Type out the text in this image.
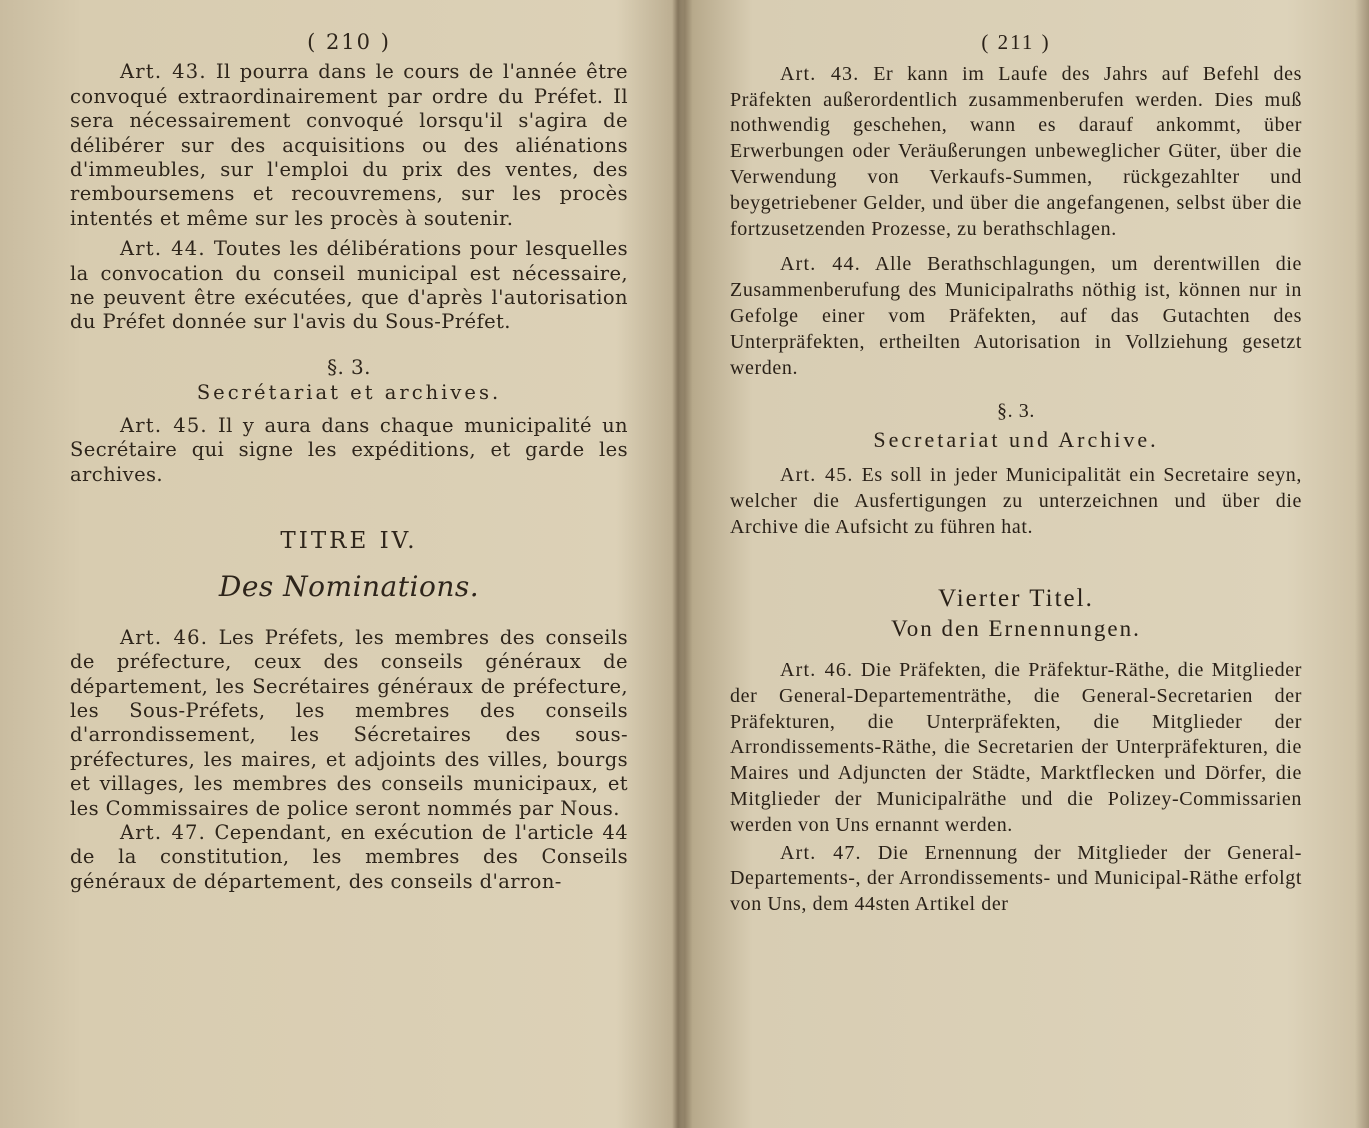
( 210 )

Art. 43. Il pourra dans le cours de l'année être convoqué extraordinairement par ordre du Préfet. Il sera nécessairement convoqué lorsqu'il s'agira de délibérer sur des acquisitions ou des aliénations d'immeubles, sur l'emploi du prix des ventes, des remboursemens et recouvremens, sur les procès intentés et même sur les procès à soutenir.

Art. 44. Toutes les délibérations pour lesquelles la convocation du conseil municipal est nécessaire, ne peuvent être exécutées, que d'après l'autorisation du Préfet donnée sur l'avis du Sous-Préfet.

§. 3.

Secrétariat et archives.

Art. 45. Il y aura dans chaque municipalité un Secrétaire qui signe les expéditions, et garde les archives.

TITRE IV.

Des Nominations.

Art. 46. Les Préfets, les membres des conseils de préfecture, ceux des conseils généraux de département, les Secrétaires généraux de préfecture, les Sous-Préfets, les membres des conseils d'arrondissement, les Sécretaires des sous-préfectures, les maires, et adjoints des villes, bourgs et villages, les membres des conseils municipaux, et les Commissaires de police seront nommés par Nous.

Art. 47. Cependant, en exécution de l'article 44 de la constitution, les membres des Conseils généraux de département, des conseils d'arron-

( 211 )

Art. 43. Er kann im Laufe des Jahrs auf Befehl des Präfekten außerordentlich zusammenberufen werden. Dies muß nothwendig geschehen, wann es darauf ankommt, über Erwerbungen oder Veräußerungen unbeweglicher Güter, über die Verwendung von Verkaufs-Summen, rückgezahlter und beygetriebener Gelder, und über die angefangenen, selbst über die fortzusetzenden Prozesse, zu berathschlagen.

Art. 44. Alle Berathschlagungen, um derentwillen die Zusammenberufung des Municipalraths nöthig ist, können nur in Gefolge einer vom Präfekten, auf das Gutachten des Unterpräfekten, ertheilten Autorisation in Vollziehung gesetzt werden.

§. 3.

Secretariat und Archive.

Art. 45. Es soll in jeder Municipalität ein Secretaire seyn, welcher die Ausfertigungen zu unterzeichnen und über die Archive die Aufsicht zu führen hat.

Vierter Titel.

Von den Ernennungen.

Art. 46. Die Präfekten, die Präfektur-Räthe, die Mitglieder der General-Departementräthe, die General-Secretarien der Präfekturen, die Unterpräfekten, die Mitglieder der Arrondissements-Räthe, die Secretarien der Unterpräfekturen, die Maires und Adjuncten der Städte, Marktflecken und Dörfer, die Mitglieder der Municipalräthe und die Polizey-Commissarien werden von Uns ernannt werden.

Art. 47. Die Ernennung der Mitglieder der General-Departements-, der Arrondissements- und Municipal-Räthe erfolgt von Uns, dem 44sten Artikel der
